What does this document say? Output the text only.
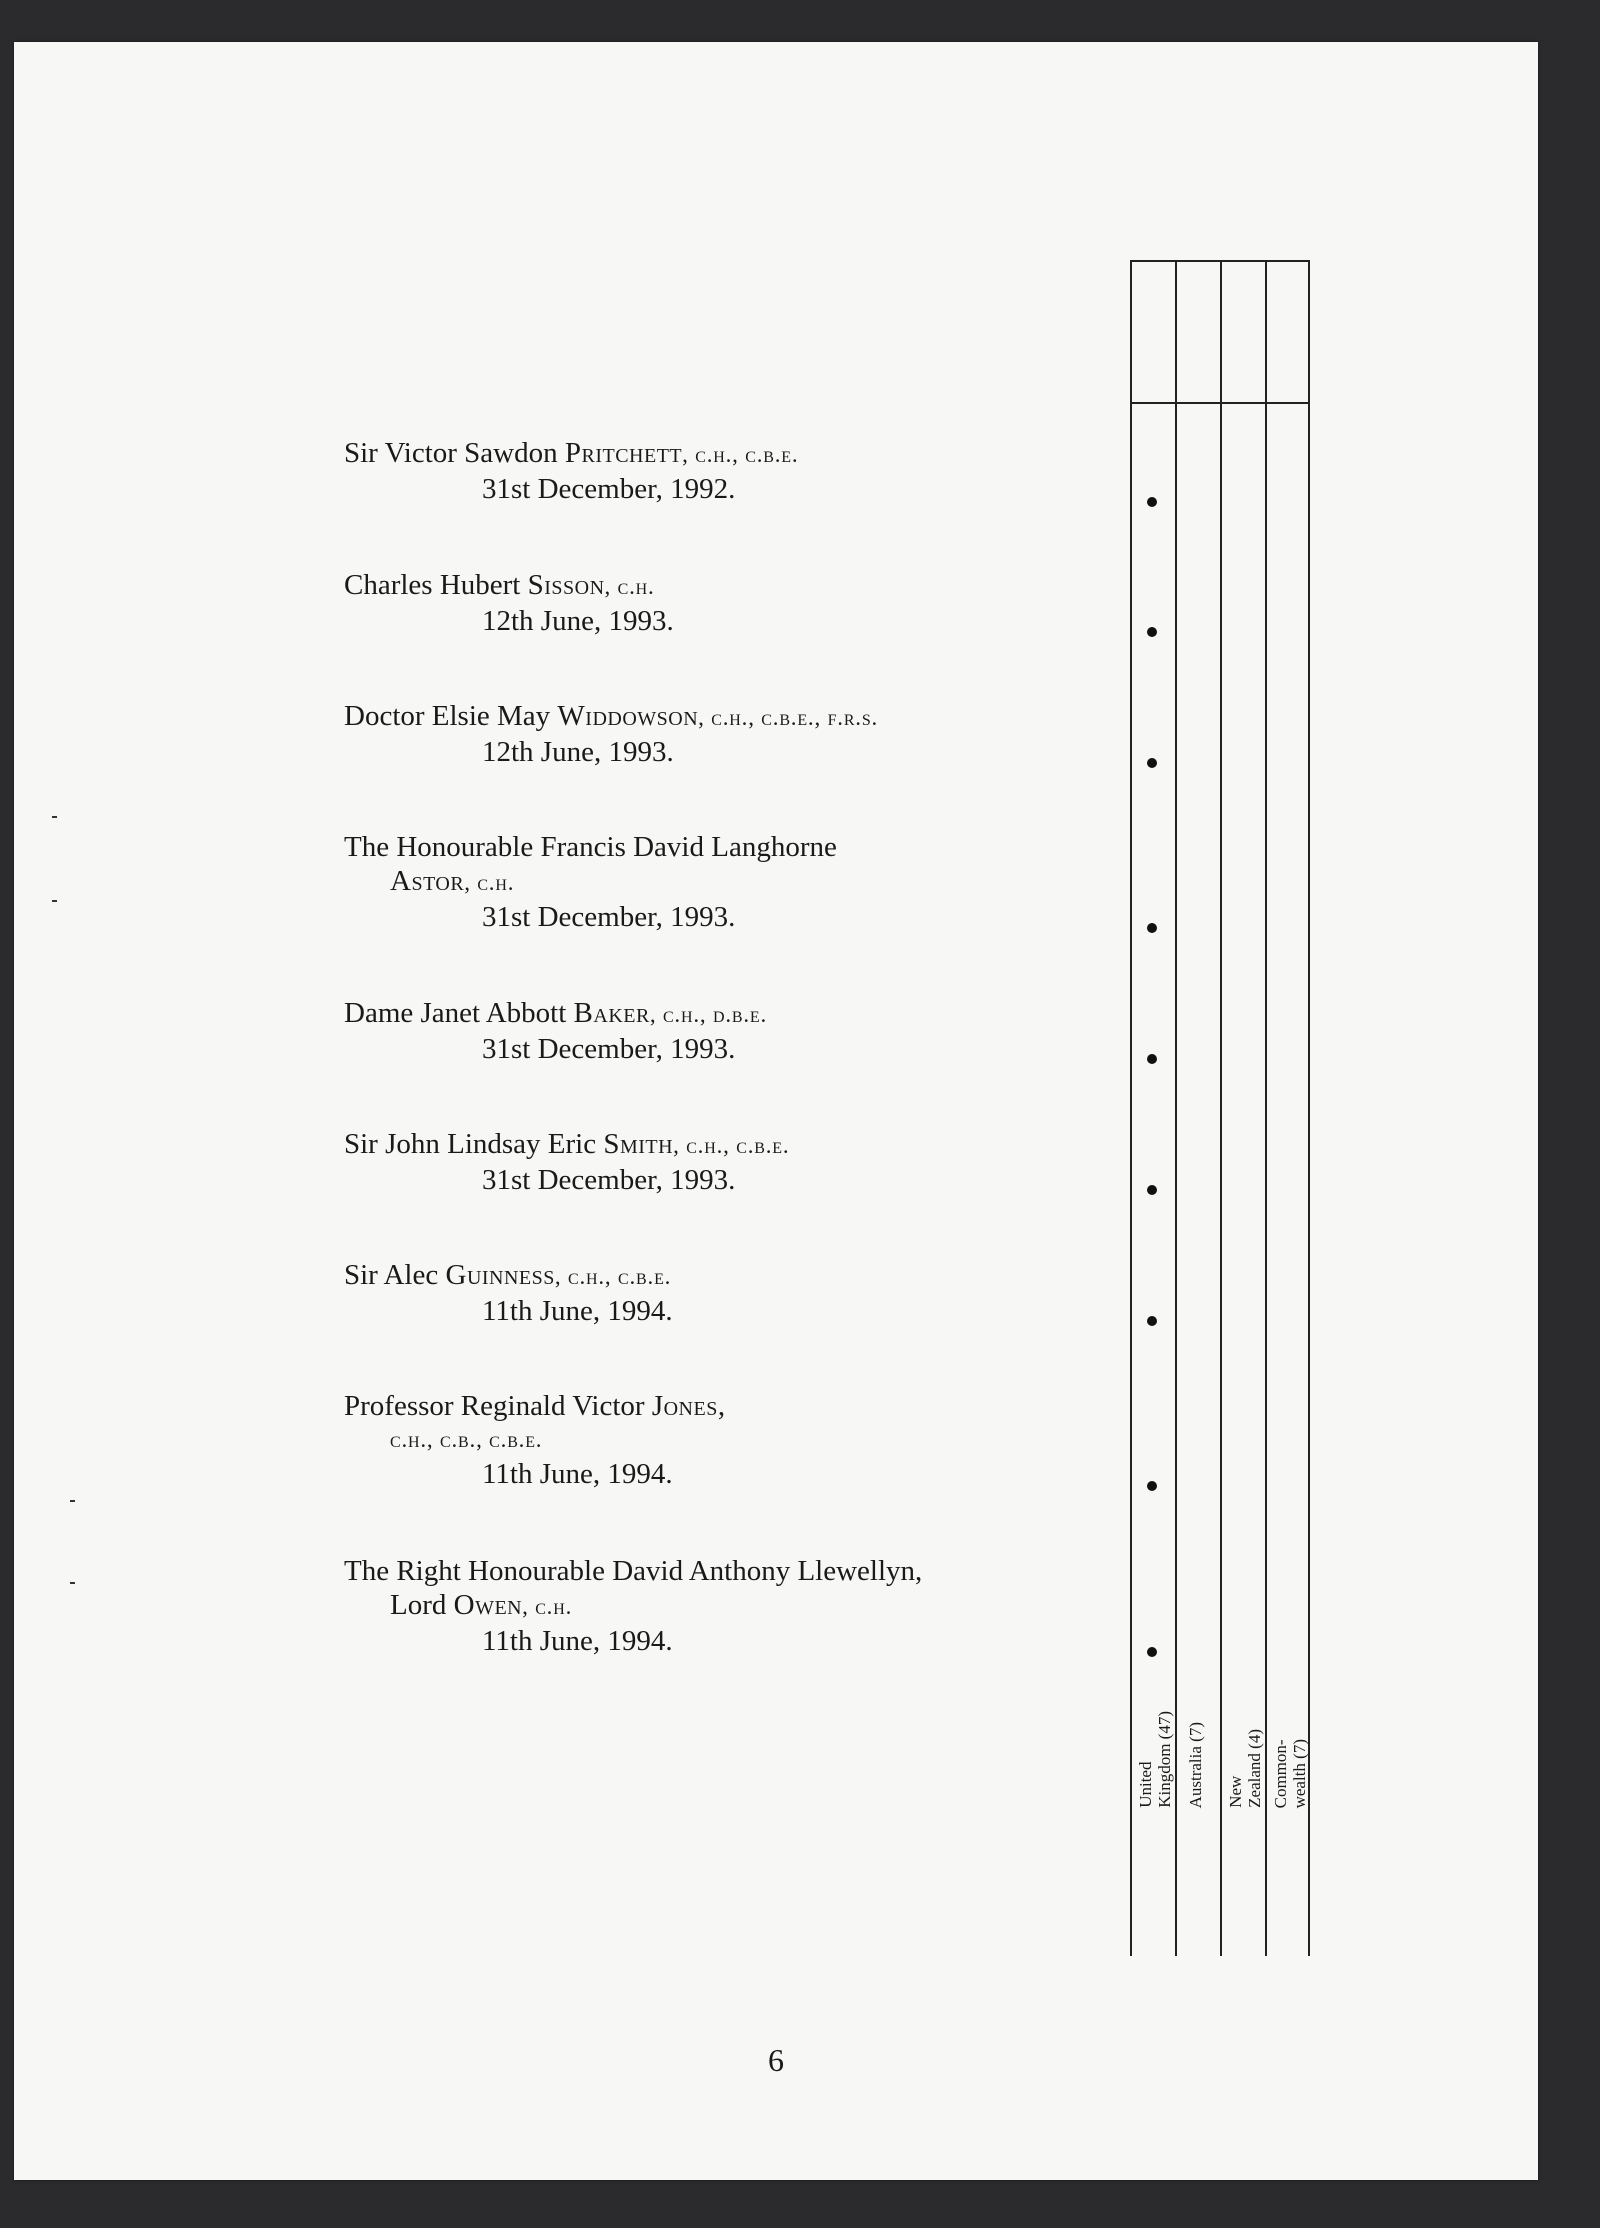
Sir Victor Sawdon Pritchett, c.h., c.b.e.
31st December, 1992.
Charles Hubert Sisson, c.h.
12th June, 1993.
Doctor Elsie May Widdowson, c.h., c.b.e., f.r.s.
12th June, 1993.
The Honourable Francis David Langhorne
Astor, c.h.
31st December, 1993.
Dame Janet Abbott Baker, c.h., d.b.e.
31st December, 1993.
Sir John Lindsay Eric Smith, c.h., c.b.e.
31st December, 1993.
Sir Alec Guinness, c.h., c.b.e.
11th June, 1994.
Professor Reginald Victor Jones,
c.h., c.b., c.b.e.
11th June, 1994.
The Right Honourable David Anthony Llewellyn,
Lord Owen, c.h.
11th June, 1994.
United
Kingdom (47) Australia (7) New
Zealand (4) Common-
wealth (7)
6
